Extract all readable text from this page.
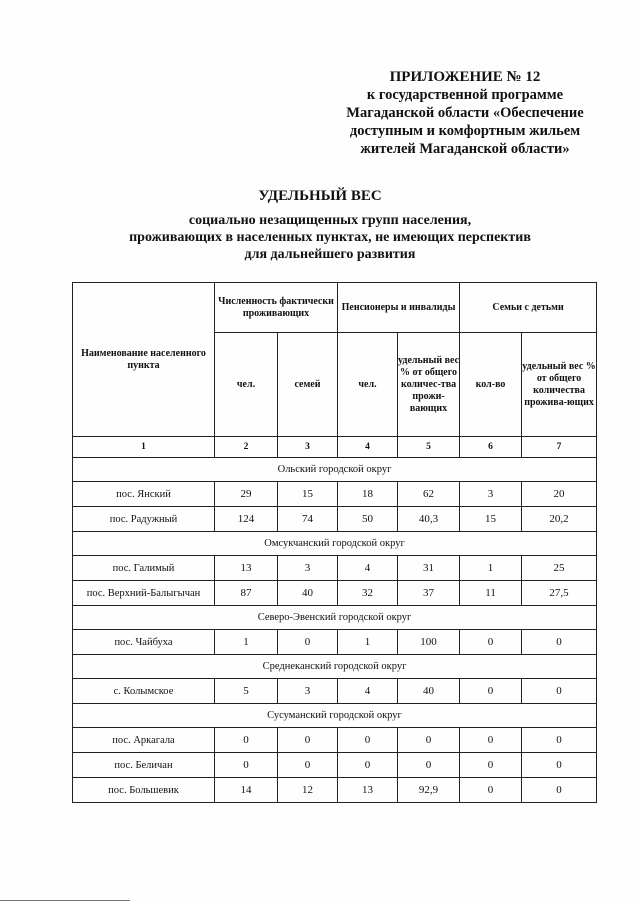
ПРИЛОЖЕНИЕ № 12
к государственной программе
Магаданской области «Обеспечение
доступным и комфортным жильем
жителей Магаданской области»
УДЕЛЬНЫЙ ВЕС
социально незащищенных групп населения,
проживающих в населенных пунктах, не имеющих перспектив
для дальнейшего развития
Наименование населенного пункта	Численность фактически проживающих		Пенсионеры и инвалиды		Семьи с детьми	
	чел.	семей	чел.	удельный вес % от общего количес-тва прожи-вающих	кол-во	удельный вес % от общего количества прожива-ющих
1	2	3	4	5	6	7
Ольский городской округ						
пос. Янский	29	15	18	62	3	20
пос. Радужный	124	74	50	40,3	15	20,2
Омсукчанский городской округ						
пос. Галимый	13	3	4	31	1	25
пос. Верхний-Балыгычан	87	40	32	37	11	27,5
Северо-Эвенский городской округ						
пос. Чайбуха	1	0	1	100	0	0
Среднеканский городской округ						
с. Колымское	5	3	4	40	0	0
Сусуманский городской округ						
пос. Аркагала	0	0	0	0	0	0
пос. Беличан	0	0	0	0	0	0
пос. Большевик	14	12	13	92,9	0	0
